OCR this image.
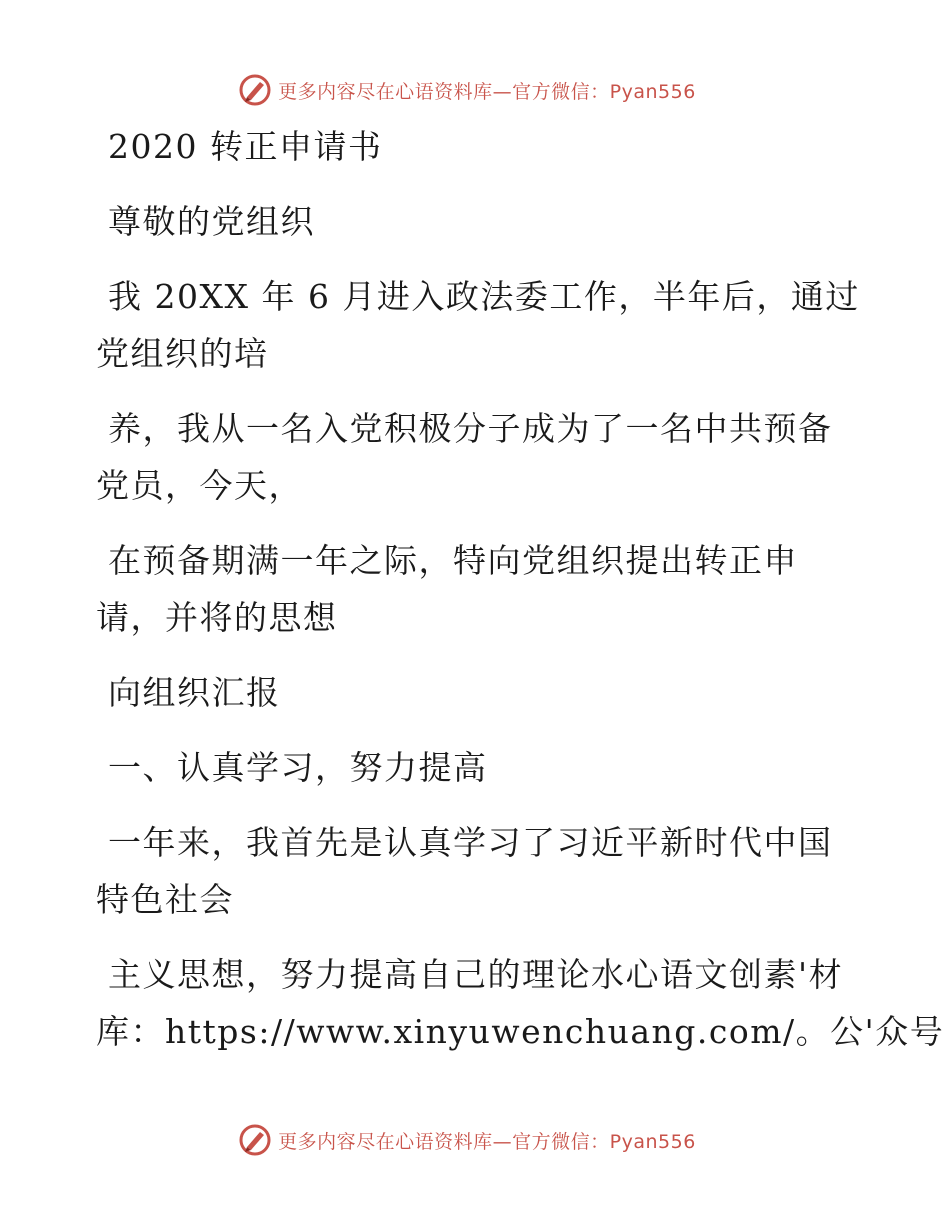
更多内容尽在心语资料库—官方微信：Pyan556
2020 转正申请书
尊敬的党组织
我 20XX 年 6 月进入政法委工作，半年后，通过
党组织的培
养，我从一名入党积极分子成为了一名中共预备
党员，今天，
在预备期满一年之际，特向党组织提出转正申
请，并将的思想
向组织汇报
一、认真学习，努力提高
一年来，我首先是认真学习了习近平新时代中国
特色社会
主义思想，努力提高自己的理论水心语文创素'材
库：https://www.xinyuwenchuang.com/。公'众号
更多内容尽在心语资料库—官方微信：Pyan556
